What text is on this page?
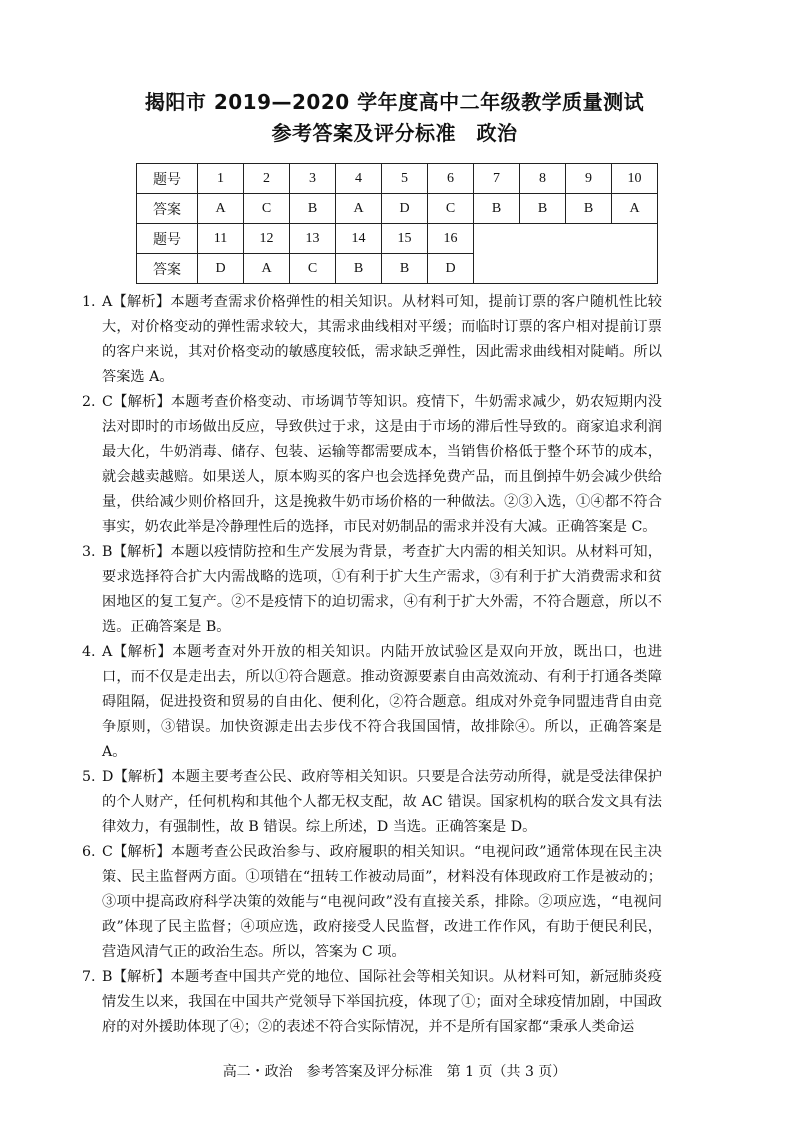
揭阳市 2019—2020 学年度高中二年级教学质量测试
参考答案及评分标准　政治
题号	1	2	3	4	5	6	7	8	9	10
答案	A	C	B	A	D	C	B	B	B	A
题号	11	12	13	14	15	16				
答案	D	A	C	B	B	D				
1. A【解析】本题考查需求价格弹性的相关知识。从材料可知，提前订票的客户随机性比较大，对价格变动的弹性需求较大，其需求曲线相对平缓；而临时订票的客户相对提前订票的客户来说，其对价格变动的敏感度较低，需求缺乏弹性，因此需求曲线相对陡峭。所以答案选 A。
2. C【解析】本题考查价格变动、市场调节等知识。疫情下，牛奶需求减少，奶农短期内没法对即时的市场做出反应，导致供过于求，这是由于市场的滞后性导致的。商家追求利润最大化，牛奶消毒、储存、包装、运输等都需要成本，当销售价格低于整个环节的成本，就会越卖越赔。如果送人，原本购买的客户也会选择免费产品，而且倒掉牛奶会减少供给量，供给减少则价格回升，这是挽救牛奶市场价格的一种做法。②③入选，①④都不符合事实，奶农此举是冷静理性后的选择，市民对奶制品的需求并没有大减。正确答案是 C。
3. B【解析】本题以疫情防控和生产发展为背景，考查扩大内需的相关知识。从材料可知，要求选择符合扩大内需战略的选项，①有利于扩大生产需求，③有利于扩大消费需求和贫困地区的复工复产。②不是疫情下的迫切需求，④有利于扩大外需，不符合题意，所以不选。正确答案是 B。
4. A【解析】本题考查对外开放的相关知识。内陆开放试验区是双向开放，既出口，也进口，而不仅是走出去，所以①符合题意。推动资源要素自由高效流动、有利于打通各类障碍阻隔，促进投资和贸易的自由化、便利化，②符合题意。组成对外竞争同盟违背自由竞争原则，③错误。加快资源走出去步伐不符合我国国情，故排除④。所以，正确答案是 A。
5. D【解析】本题主要考查公民、政府等相关知识。只要是合法劳动所得，就是受法律保护的个人财产，任何机构和其他个人都无权支配，故 AC 错误。国家机构的联合发文具有法律效力，有强制性，故 B 错误。综上所述，D 当选。正确答案是 D。
6. C【解析】本题考查公民政治参与、政府履职的相关知识。“电视问政”通常体现在民主决策、民主监督两方面。①项错在“扭转工作被动局面”，材料没有体现政府工作是被动的；③项中提高政府科学决策的效能与“电视问政”没有直接关系，排除。②项应选，“电视问政”体现了民主监督；④项应选，政府接受人民监督，改进工作作风，有助于便民利民，营造风清气正的政治生态。所以，答案为 C 项。
7. B【解析】本题考查中国共产党的地位、国际社会等相关知识。从材料可知，新冠肺炎疫情发生以来，我国在中国共产党领导下举国抗疫，体现了①；面对全球疫情加剧，中国政府的对外援助体现了④；②的表述不符合实际情况，并不是所有国家都“秉承人类命运
高二・政治　参考答案及评分标准　第 1 页（共 3 页）
